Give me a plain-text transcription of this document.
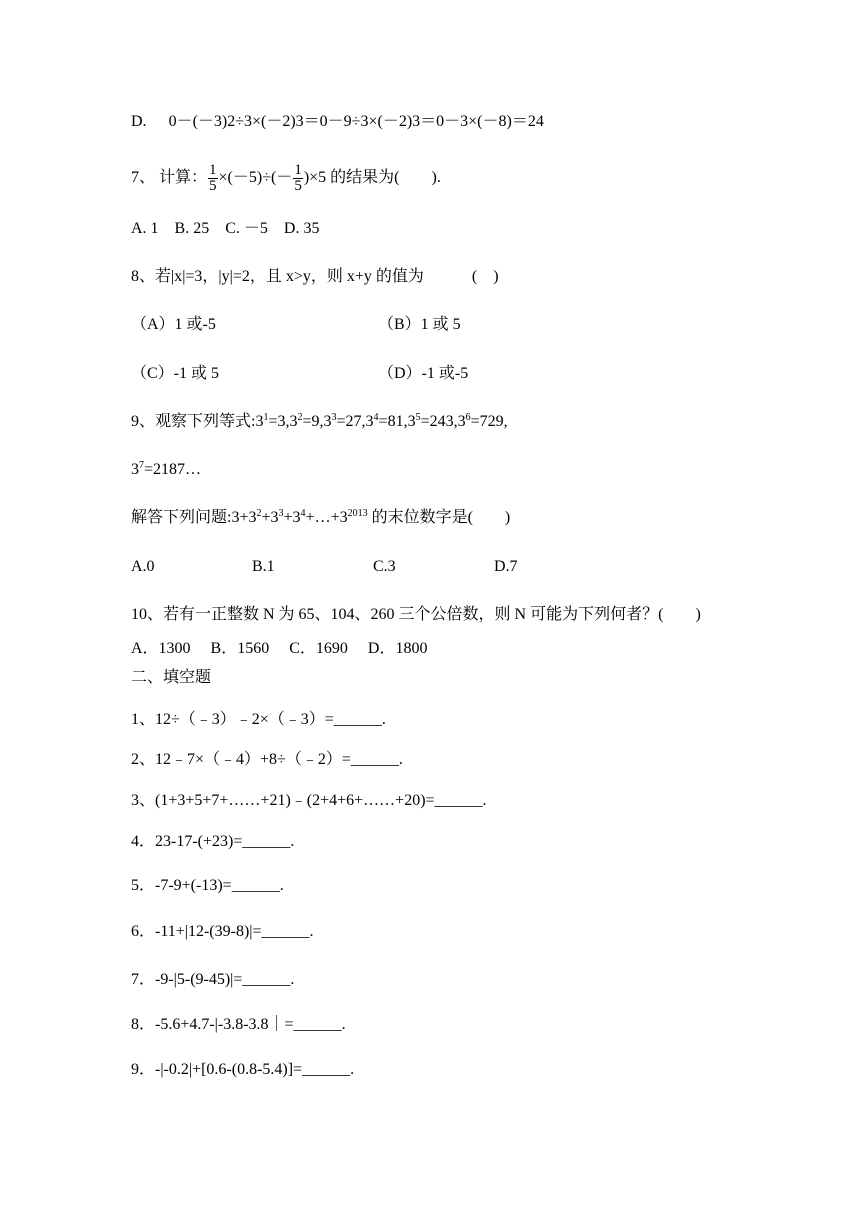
D. 0－(－3)2÷3×(－2)3＝0－9÷3×(－2)3＝0－3×(－8)＝24
7、 计算： $\frac{1}{5} \times(-5)\div(- \frac{1}{5} )\times 5$ 的结果为(　　).
A. 1　B. 25　C. －5　D. 35
8、若|x|=3，|y|=2，且 x>y，则 x+y 的值为　　　(　)
（A）1 或-5	（B）1 或 5
（C）-1 或 5	（D）-1 或-5
9、观察下列等式$:3^1=3,3^2=9,3^3=27,3^4=81,3^5=243,3^6=729$,
$3^7=2187\dots$
解答下列问题$:3+3^2+3^3+3^4+\dots+3^{2013}$ 的末位数字是(　　)
A.0	B.1	C.3	D.7
10、若有一正整数 N 为 65、104、260 三个公倍数，则 N 可能为下列何者？(　　)
A．1300　 B．1560　 C．1690　 D．1800
二、填空题
1、12÷（﹣3）﹣2×（﹣3）=______.
2、12﹣7×（﹣4）+8÷（﹣2）=______.
3、(1+3+5+7+……+21)﹣(2+4+6+……+20)=______.
4．23-17-(+23)=______.
5．-7-9+(-13)=______.
6．-11+|12-(39-8)|=______.
7．-9-|5-(9-45)|=______.
8．-5.6+4.7-|-3.8-3.8｜=______.
9．-|-0.2|+[0.6-(0.8-5.4)]=______.
